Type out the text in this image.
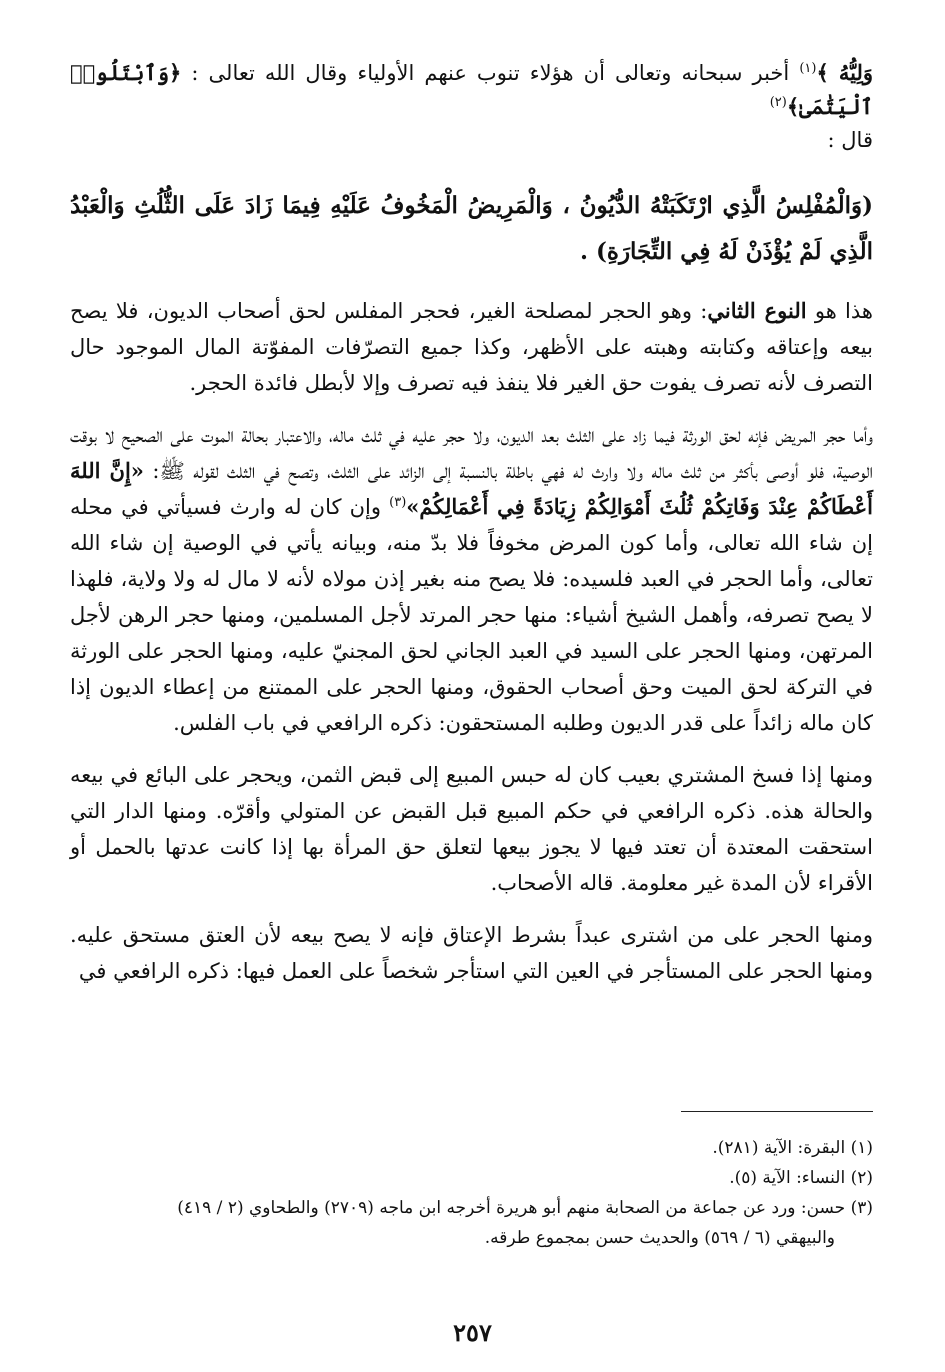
وَلِيُّهُ ﴾$^{(١)}$ أخبر سبحانه وتعالى أن هؤلاء تنوب عنهم الأولياء وقال الله تعالى : ﴿وَٱبْتَلُوا۟ ٱلْيَتَٰمَىٰ﴾$^{(٢)}$
قال :

(وَالْمُفْلِسُ الَّذِي ارْتَكَبَتْهُ الدُّيُونُ ، وَالْمَرِيضُ الْمَخُوفُ عَلَيْهِ فِيمَا زَادَ عَلَى الثُّلُثِ وَالْعَبْدُ الَّذِي لَمْ يُؤْذَنْ لَهُ فِي التِّجَارَةِ) .

هذا هو النوع الثاني: وهو الحجر لمصلحة الغير، فحجر المفلس لحق أصحاب الديون، فلا يصح بيعه وإعتاقه وكتابته وهبته على الأظهر، وكذا جميع التصرّفات المفوّتة المال الموجود حال التصرف لأنه تصرف يفوت حق الغير فلا ينفذ فيه تصرف وإلا لأبطل فائدة الحجر.

وأما حجر المريض فإنه لحق الورثة فيما زاد على الثلث بعد الديون، ولا حجر عليه في ثلث ماله، والاعتبار بحالة الموت على الصحيح لا بوقت الوصية، فلو أوصى بأكثر من ثلث ماله ولا وارث له فهي باطلة بالنسبة إلى الزائد على الثلث، وتصح في الثلث لقوله ﷺ: «إِنَّ اللهَ أَعْطَاكُمْ عِنْدَ وَفَاتِكُمْ ثُلُثَ أَمْوَالِكُمْ زِيَادَةً فِي أَعْمَالِكُمْ»$^{(٣)}$ وإن كان له وارث فسيأتي في محله إن شاء الله تعالى، وأما كون المرض مخوفاً فلا بدّ منه، وبيانه يأتي في الوصية إن شاء الله تعالى، وأما الحجر في العبد فلسيده: فلا يصح منه بغير إذن مولاه لأنه لا مال له ولا ولاية، فلهذا لا يصح تصرفه، وأهمل الشيخ أشياء: منها حجر المرتد لأجل المسلمين، ومنها حجر الرهن لأجل المرتهن، ومنها الحجر على السيد في العبد الجاني لحق المجنيّ عليه، ومنها الحجر على الورثة في التركة لحق الميت وحق أصحاب الحقوق، ومنها الحجر على الممتنع من إعطاء الديون إذا كان ماله زائداً على قدر الديون وطلبه المستحقون: ذكره الرافعي في باب الفلس.

ومنها إذا فسخ المشتري بعيب كان له حبس المبيع إلى قبض الثمن، ويحجر على البائع في بيعه والحالة هذه. ذكره الرافعي في حكم المبيع قبل القبض عن المتولي وأقرّه. ومنها الدار التي استحقت المعتدة أن تعتد فيها لا يجوز بيعها لتعلق حق المرأة بها إذا كانت عدتها بالحمل أو الأقراء لأن المدة غير معلومة. قاله الأصحاب.

ومنها الحجر على من اشترى عبداً بشرط الإعتاق فإنه لا يصح بيعه لأن العتق مستحق عليه. ومنها الحجر على المستأجر في العين التي استأجر شخصاً على العمل فيها: ذكره الرافعي في

(١) البقرة: الآية (٢٨١).

(٢) النساء: الآية (٥).

(٣) حسن: ورد عن جماعة من الصحابة منهم أبو هريرة أخرجه ابن ماجه (٢٧٠٩) والطحاوي (٢ / ٤١٩)

والبيهقي (٦ / ٥٦٩) والحديث حسن بمجموع طرقه.

٢٥٧
